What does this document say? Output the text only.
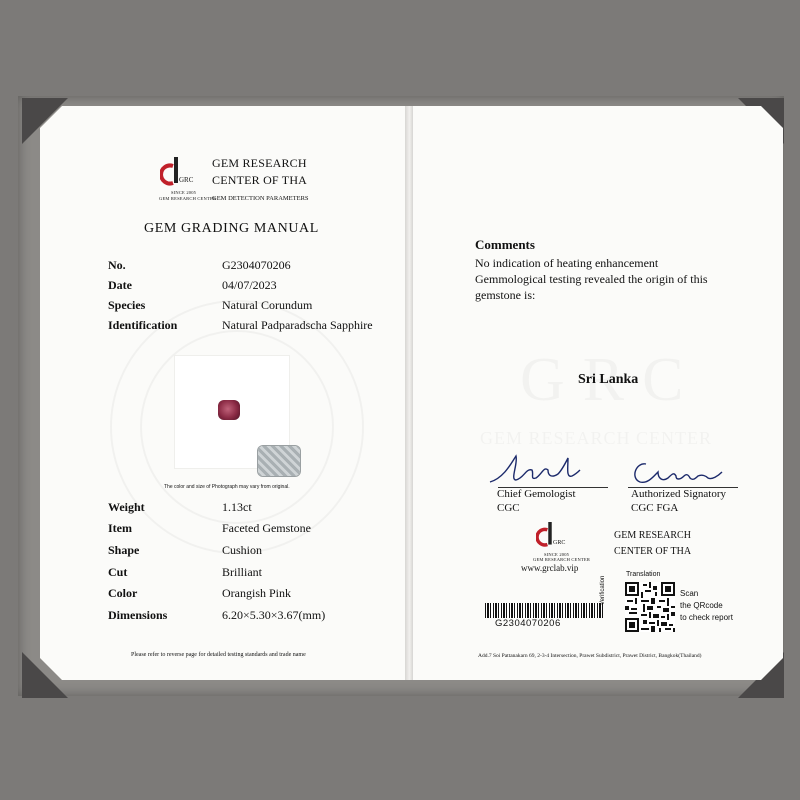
GRC
SINCE 2005
GEM RESEARCH CENTER
GEM RESEARCH
CENTER OF THA
GEM DETECTION PARAMETERS
GEM GRADING MANUAL
No.	G2304070206
Date	04/07/2023
Species	Natural Corundum
Identification	Natural Padparadscha Sapphire
The color and size of Photograph may vary from original.
Weight	1.13ct
Item	Faceted Gemstone
Shape	Cushion
Cut	Brilliant
Color	Orangish Pink
Dimensions	6.20×5.30×3.67(mm)
Please refer to reverse page for detailed testing standards and trade name
Comments
No indication of heating enhancement
Gemmological testing revealed the origin of this
gemstone is:
Sri Lanka
Chief Gemologist
CGC
Authorized Signatory
CGC FGA
GRC
SINCE 2005
GEM RESEARCH CENTER
www.grclab.vip
GEM RESEARCH
CENTER OF THA
G2304070206
Translation
Verification	Scan
the QRcode
to check report
Add.7 Soi Pattanakarn 69, 2-3-4 Intersection, Prawet Subdistrict, Prawet District, Bangkok(Thailand)
